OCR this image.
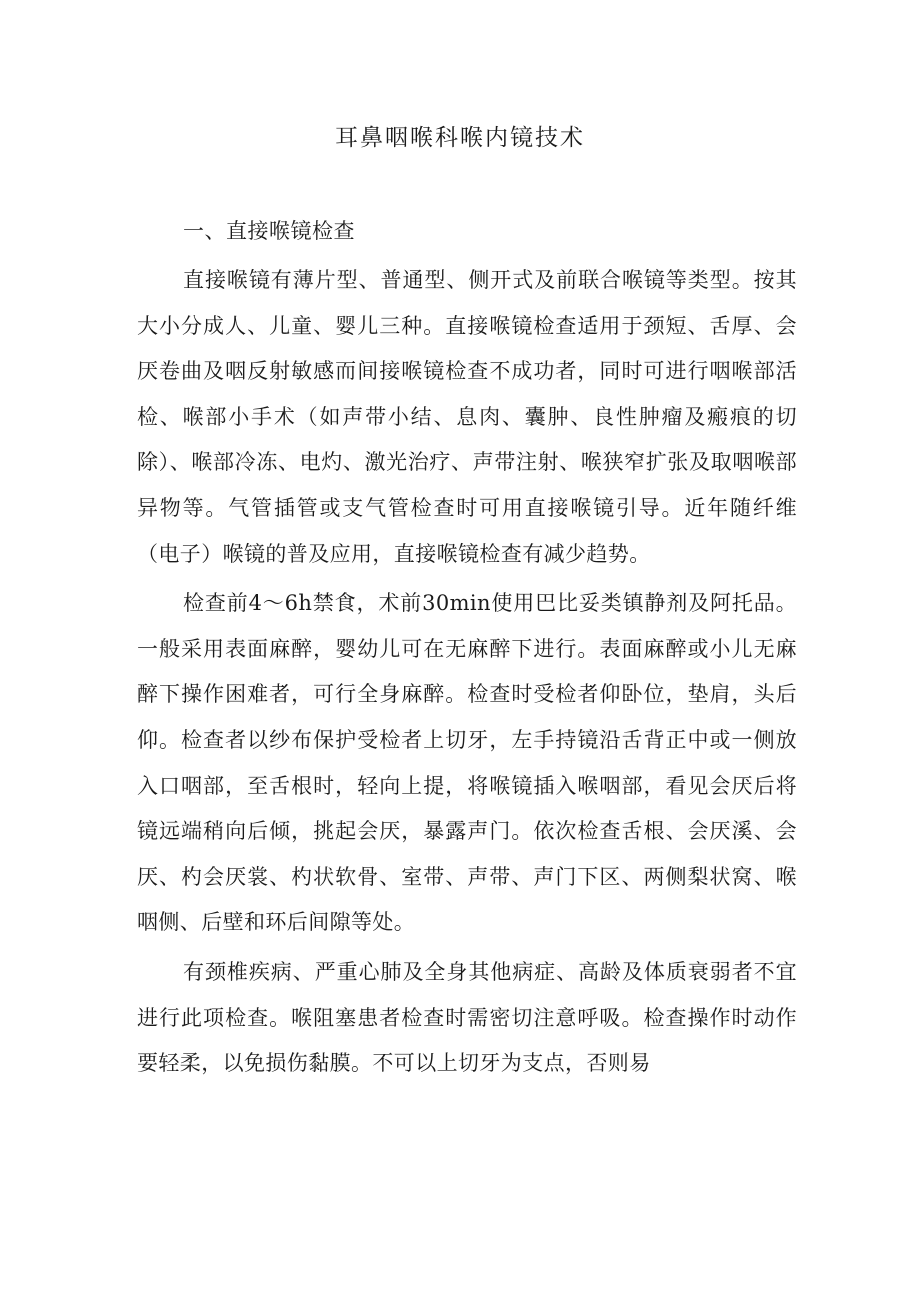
耳鼻咽喉科喉内镜技术
一、直接喉镜检查

直接喉镜有薄片型、普通型、侧开式及前联合喉镜等类型。按其大小分成人、儿童、婴儿三种。直接喉镜检查适用于颈短、舌厚、会厌卷曲及咽反射敏感而间接喉镜检查不成功者，同时可进行咽喉部活检、喉部小手术（如声带小结、息肉、囊肿、良性肿瘤及瘢痕的切除）、喉部冷冻、电灼、激光治疗、声带注射、喉狭窄扩张及取咽喉部异物等。气管插管或支气管检查时可用直接喉镜引导。近年随纤维（电子）喉镜的普及应用，直接喉镜检查有减少趋势。

检查前4～6h禁食，术前30min使用巴比妥类镇静剂及阿托品。一般采用表面麻醉，婴幼儿可在无麻醉下进行。表面麻醉或小儿无麻醉下操作困难者，可行全身麻醉。检查时受检者仰卧位，垫肩，头后仰。检查者以纱布保护受检者上切牙，左手持镜沿舌背正中或一侧放入口咽部，至舌根时，轻向上提，将喉镜插入喉咽部，看见会厌后将镜远端稍向后倾，挑起会厌，暴露声门。依次检查舌根、会厌溪、会厌、杓会厌裳、杓状软骨、室带、声带、声门下区、两侧梨状窝、喉咽侧、后壁和环后间隙等处。

有颈椎疾病、严重心肺及全身其他病症、高龄及体质衰弱者不宜进行此项检查。喉阻塞患者检查时需密切注意呼吸。检查操作时动作要轻柔，以免损伤黏膜。不可以上切牙为支点，否则易
